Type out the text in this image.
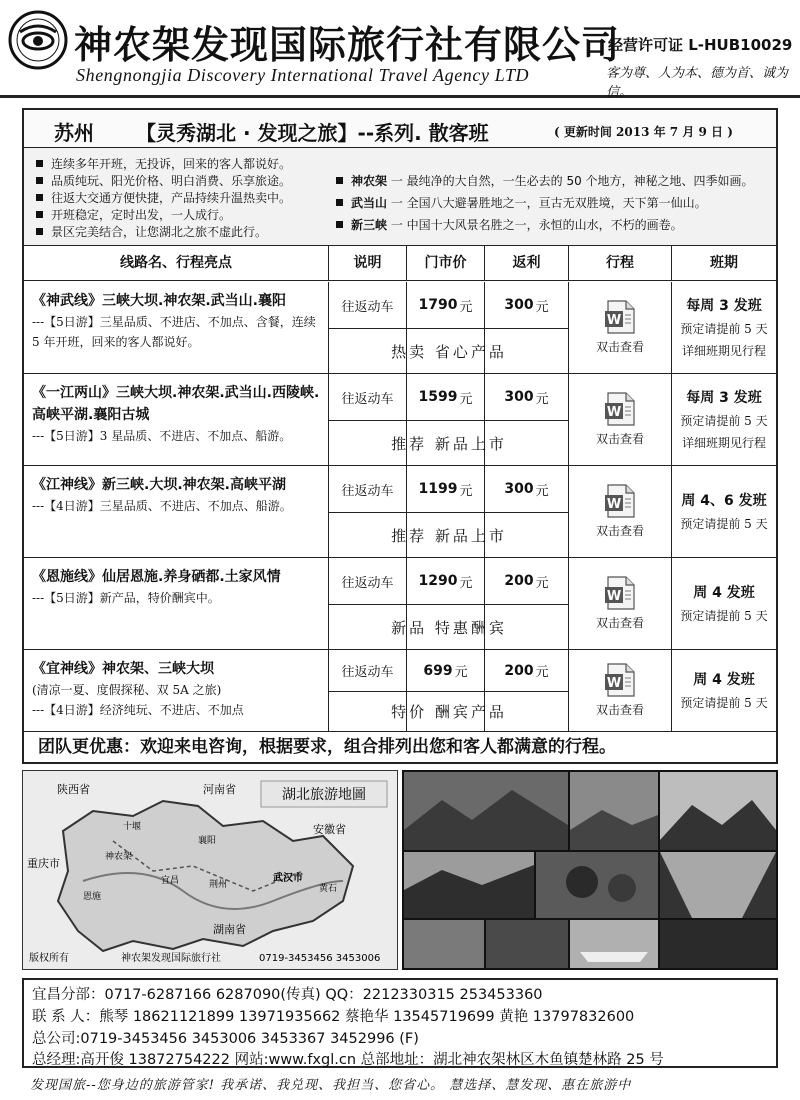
神农架发现国际旅行社有限公司
Shengnongjia Discovery International Travel Agency LTD
经营许可证 L-HUB10029
客为尊、人为本、德为首、诚为信。
苏州 【灵秀湖北 · 发现之旅】--系列. 散客班	( 更新时间 2013 年 7 月 9 日 )
连续多年开班，无投诉，回来的客人都说好。
品质纯玩、阳光价格、明白消费、乐享旅途。
往返大交通方便快捷，产品持续升温热卖中。
开班稳定，定时出发，一人成行。
景区完美结合，让您湖北之旅不虚此行。
神农架 一 最纯净的大自然，一生必去的 50 个地方，神秘之地、四季如画。
武当山 一 全国八大避暑胜地之一，亘古无双胜境，天下第一仙山。
新三峡 一 中国十大风景名胜之一，永恒的山水，不朽的画卷。
线路名、行程亮点	说明	门市价	返利	行程	班期
《神武线》三峡大坝.神农架.武当山.襄阳
---【5日游】三星品质、不进店、不加点、含餐，连续 5 年开班，回来的客人都说好。
往返动车	1790 元 300 元
热卖 省心产品
W
双击查看
每周 3 发班
预定请提前 5 天
详细班期见行程
《一江两山》三峡大坝.神农架.武当山.西陵峡.高峡平湖.襄阳古城
---【5日游】3 星品质、不进店、不加点、船游。
往返动车	1599 元 300 元
推荐 新品上市
W
双击查看
每周 3 发班
预定请提前 5 天
详细班期见行程
《江神线》新三峡.大坝.神农架.高峡平湖
---【4日游】三星品质、不进店、不加点、船游。
往返动车	1199 元 300 元
推荐 新品上市
W
双击查看
周 4、6 发班
预定请提前 5 天
《恩施线》仙居恩施.养身硒都.土家风情
---【5日游】新产品，特价酬宾中。
往返动车	1290 元 200 元
新品 特惠酬宾
W
双击查看
周 4 发班
预定请提前 5 天
《宜神线》神农架、三峡大坝
(清凉一夏、度假探秘、双 5A 之旅)
---【4日游】经济纯玩、不进店、不加点
往返动车	699 元	200 元
特价 酬宾产品
W
双击查看
周 4 发班
预定请提前 5 天
团队更优惠：欢迎来电咨询，根据要求，组合排列出您和客人都满意的行程。
湖北旅游地圖
陕西省	河南省
安徽省
重庆市
湖南省
十堰
襄阳
神农架
宜昌
恩施
荆州
武汉市
黄石
版权所有	神农架发现国际旅行社	0719-3453456 3453006
宜昌分部：0717-6287166 6287090(传真) QQ：2212330315 253453360
联 系 人：熊琴 18621121899 13971935662 蔡艳华 13545719699 黄艳 13797832600
总公司:0719-3453456 3453006 3453367 3452996 (F)
总经理:高开俊 13872754222 网站:www.fxgl.cn 总部地址：湖北神农架林区木鱼镇楚林路 25 号
发现国旅--您身边的旅游管家! 我承诺、我兑现、我担当、您省心。 慧选择、慧发现、惠在旅游中
